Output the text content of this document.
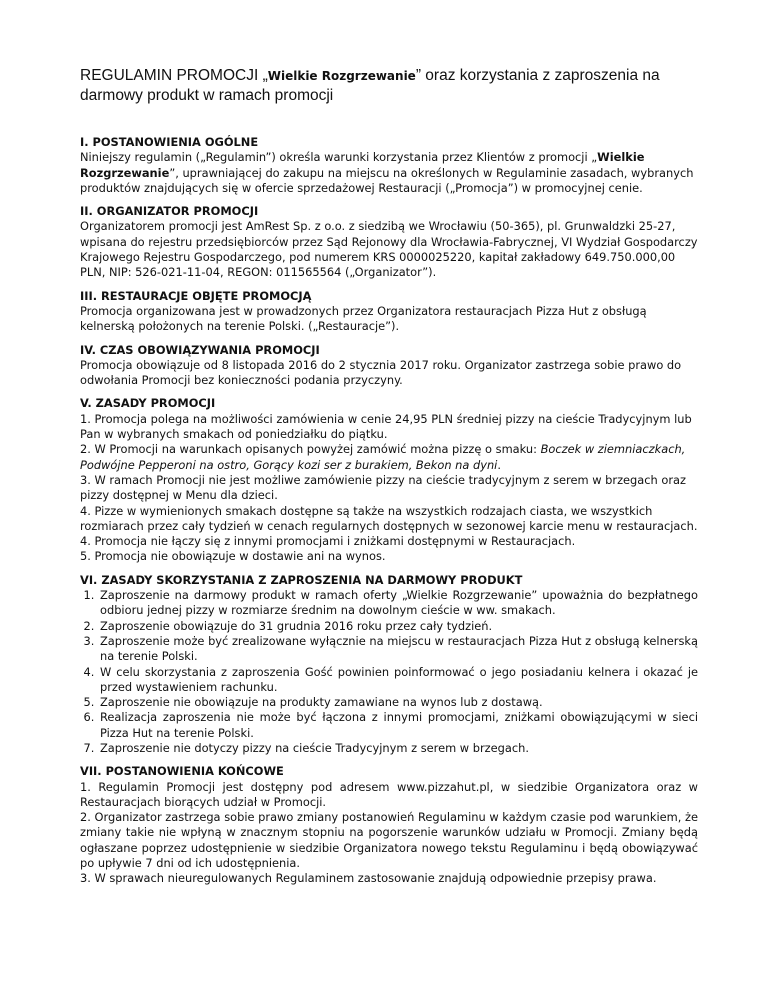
REGULAMIN PROMOCJI „Wielkie Rozgrzewanie” oraz korzystania z zaproszenia na darmowy produkt w ramach promocji
I. POSTANOWIENIA OGÓLNE

Niniejszy regulamin („Regulamin”) określa warunki korzystania przez Klientów z promocji „Wielkie Rozgrzewanie”, uprawniającej do zakupu na miejscu na określonych w Regulaminie zasadach, wybranych produktów znajdujących się w ofercie sprzedażowej Restauracji („Promocja”) w promocyjnej cenie.

II. ORGANIZATOR PROMOCJI

Organizatorem promocji jest AmRest Sp. z o.o. z siedzibą we Wrocławiu (50-365), pl. Grunwaldzki 25-27, wpisana do rejestru przedsiębiorców przez Sąd Rejonowy dla Wrocławia-Fabrycznej, VI Wydział Gospodarczy Krajowego Rejestru Gospodarczego, pod numerem KRS 0000025220, kapitał zakładowy 649.750.000,00 PLN, NIP: 526-021-11-04, REGON: 011565564 („Organizator”).

III. RESTAURACJE OBJĘTE PROMOCJĄ

Promocja organizowana jest w prowadzonych przez Organizatora restauracjach Pizza Hut z obsługą kelnerską położonych na terenie Polski. („Restauracje”).

IV. CZAS OBOWIĄZYWANIA PROMOCJI

Promocja obowiązuje od 8 listopada 2016 do 2 stycznia 2017 roku. Organizator zastrzega sobie prawo do odwołania Promocji bez konieczności podania przyczyny.

V. ZASADY PROMOCJI

1. Promocja polega na możliwości zamówienia w cenie 24,95 PLN średniej pizzy na cieście Tradycyjnym lub Pan w wybranych smakach od poniedziałku do piątku.

2. W Promocji na warunkach opisanych powyżej zamówić można pizzę o smaku: Boczek w ziemniaczkach, Podwójne Pepperoni na ostro, Gorący kozi ser z burakiem, Bekon na dyni.

3. W ramach Promocji nie jest możliwe zamówienie pizzy na cieście tradycyjnym z serem w brzegach oraz pizzy dostępnej w Menu dla dzieci.

4. Pizze w wymienionych smakach dostępne są także na wszystkich rodzajach ciasta, we wszystkich rozmiarach przez cały tydzień w cenach regularnych dostępnych w sezonowej karcie menu w restauracjach.

4. Promocja nie łączy się z innymi promocjami i zniżkami dostępnymi w Restauracjach.

5. Promocja nie obowiązuje w dostawie ani na wynos.

VI. ZASADY SKORZYSTANIA Z ZAPROSZENIA NA DARMOWY PRODUKT
1. Zaproszenie na darmowy produkt w ramach oferty „Wielkie Rozgrzewanie” upoważnia do bezpłatnego odbioru jednej pizzy w rozmiarze średnim na dowolnym cieście w ww. smakach.
2. Zaproszenie obowiązuje do 31 grudnia 2016 roku przez cały tydzień.
3. Zaproszenie może być zrealizowane wyłącznie na miejscu w restauracjach Pizza Hut z obsługą kelnerską na terenie Polski.
4. W celu skorzystania z zaproszenia Gość powinien poinformować o jego posiadaniu kelnera i okazać je przed wystawieniem rachunku.
5. Zaproszenie nie obowiązuje na produkty zamawiane na wynos lub z dostawą.
6. Realizacja zaproszenia nie może być łączona z innymi promocjami, zniżkami obowiązującymi w sieci Pizza Hut na terenie Polski.
7. Zaproszenie nie dotyczy pizzy na cieście Tradycyjnym z serem w brzegach.
VII. POSTANOWIENIA KOŃCOWE

1. Regulamin Promocji jest dostępny pod adresem www.pizzahut.pl, w siedzibie Organizatora oraz w Restauracjach biorących udział w Promocji.

2. Organizator zastrzega sobie prawo zmiany postanowień Regulaminu w każdym czasie pod warunkiem, że zmiany takie nie wpłyną w znacznym stopniu na pogorszenie warunków udziału w Promocji. Zmiany będą ogłaszane poprzez udostępnienie w siedzibie Organizatora nowego tekstu Regulaminu i będą obowiązywać po upływie 7 dni od ich udostępnienia.

3. W sprawach nieuregulowanych Regulaminem zastosowanie znajdują odpowiednie przepisy prawa.
